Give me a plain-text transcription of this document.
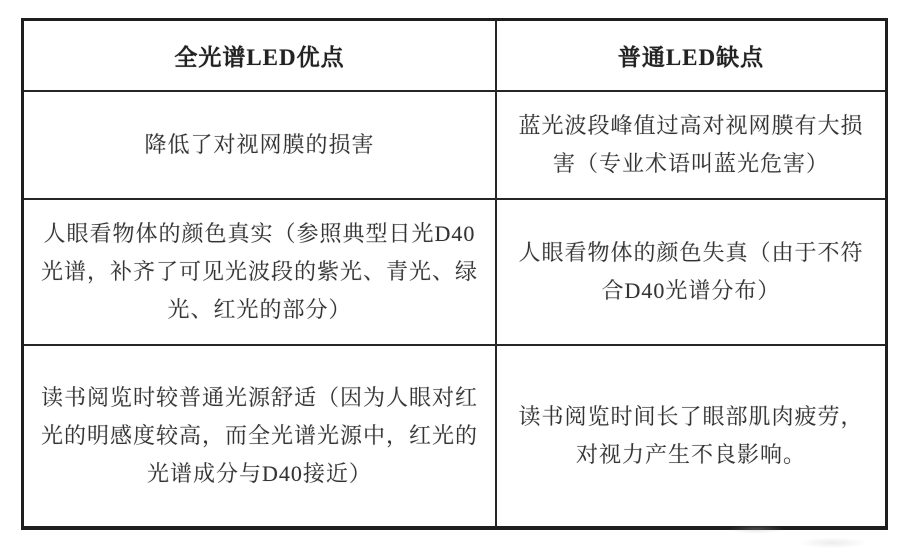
全光谱LED优点	普通LED缺点
降低了对视网膜的损害	蓝光波段峰值过高对视网膜有大损害（专业术语叫蓝光危害）
人眼看物体的颜色真实（参照典型日光D40光谱，补齐了可见光波段的紫光、青光、绿光、红光的部分）	人眼看物体的颜色失真（由于不符合D40光谱分布）
读书阅览时较普通光源舒适（因为人眼对红光的明感度较高，而全光谱光源中，红光的光谱成分与D40接近）	读书阅览时间长了眼部肌肉疲劳，对视力产生不良影响。
